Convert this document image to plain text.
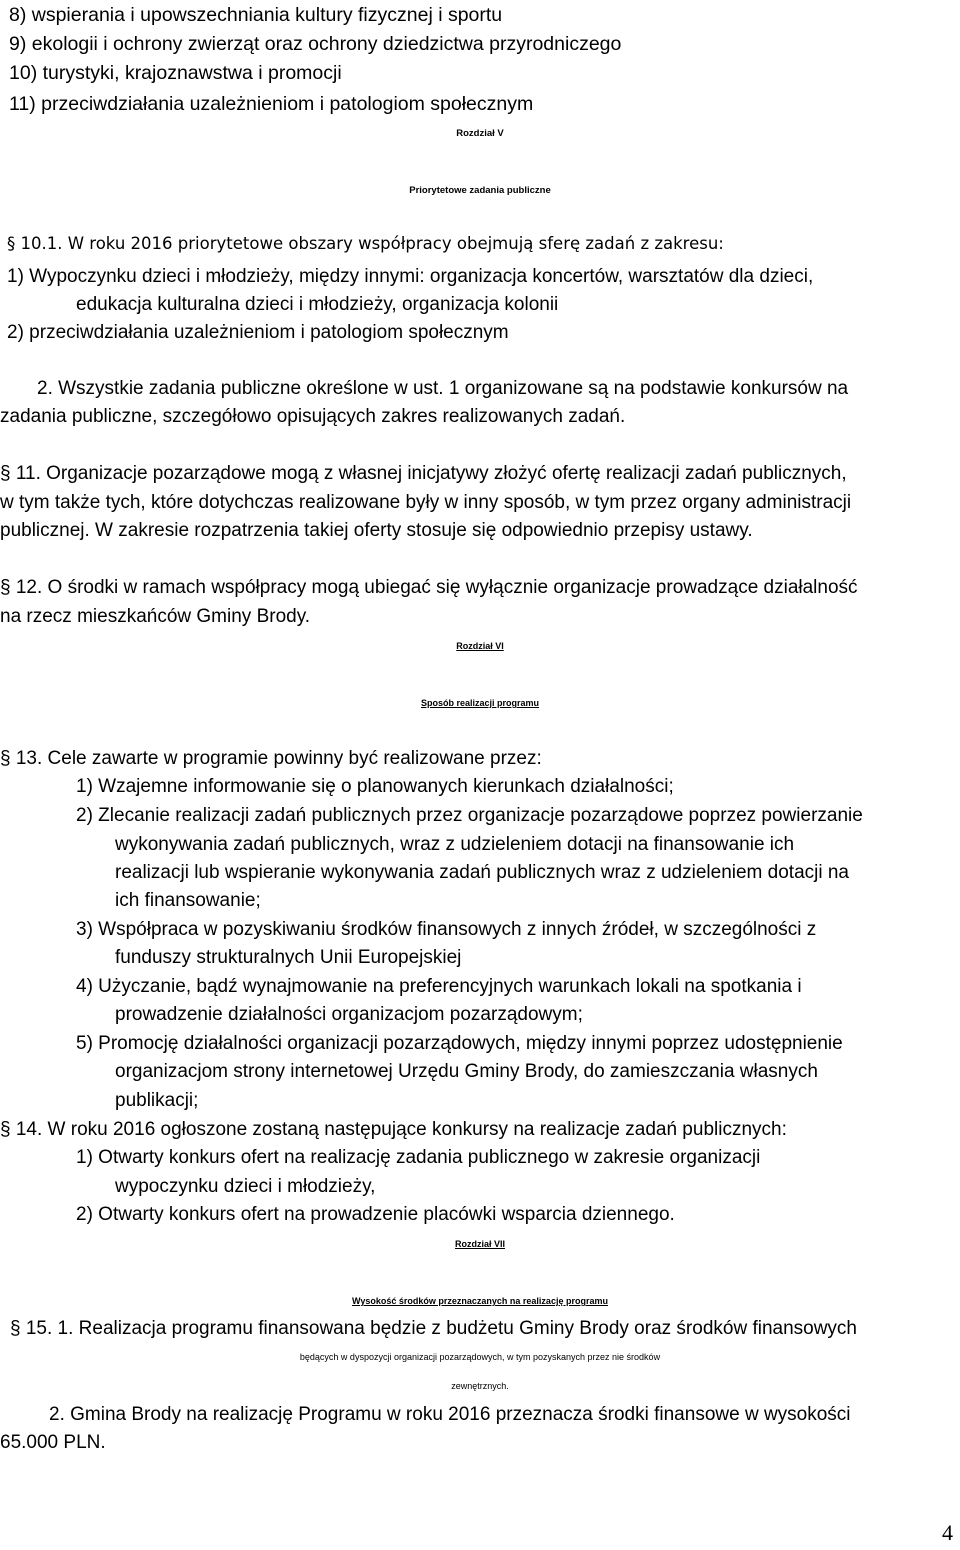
8) wspierania i upowszechniania kultury fizycznej i sportu
9) ekologii i ochrony zwierząt oraz ochrony dziedzictwa przyrodniczego
10) turystyki, krajoznawstwa i promocji
11) przeciwdziałania uzależnieniom i patologiom społecznym
Rozdział V
Priorytetowe zadania publiczne
§ 10.1. W roku 2016 priorytetowe obszary współpracy obejmują sferę zadań z zakresu:
1) Wypoczynku dzieci i młodzieży, między innymi: organizacja koncertów, warsztatów dla dzieci,
edukacja kulturalna dzieci i młodzieży, organizacja kolonii
2) przeciwdziałania uzależnieniom i patologiom społecznym
2. Wszystkie zadania publiczne określone w ust. 1 organizowane są na podstawie konkursów na
zadania publiczne, szczegółowo opisujących zakres realizowanych zadań.
§ 11. Organizacje pozarządowe mogą z własnej inicjatywy złożyć ofertę realizacji zadań publicznych,
w tym także tych, które dotychczas realizowane były w inny sposób, w tym przez organy administracji
publicznej. W zakresie rozpatrzenia takiej oferty stosuje się odpowiednio przepisy ustawy.
§ 12. O środki w ramach współpracy mogą ubiegać się wyłącznie organizacje prowadzące działalność
na rzecz mieszkańców Gminy Brody.
Rozdział VI
Sposób realizacji programu
§ 13. Cele zawarte w programie powinny być realizowane przez:
1) Wzajemne informowanie się o planowanych kierunkach działalności;
2) Zlecanie realizacji zadań publicznych przez organizacje pozarządowe poprzez powierzanie
wykonywania zadań publicznych, wraz z udzieleniem dotacji na finansowanie ich
realizacji lub wspieranie wykonywania zadań publicznych wraz z udzieleniem dotacji na
ich finansowanie;
3) Współpraca w pozyskiwaniu środków finansowych z innych źródeł, w szczególności z
funduszy strukturalnych Unii Europejskiej
4) Użyczanie, bądź wynajmowanie na preferencyjnych warunkach lokali na spotkania i
prowadzenie działalności organizacjom pozarządowym;
5) Promocję działalności organizacji pozarządowych, między innymi poprzez udostępnienie
organizacjom strony internetowej Urzędu Gminy Brody, do zamieszczania własnych
publikacji;
§ 14. W roku 2016 ogłoszone zostaną następujące konkursy na realizacje zadań publicznych:
1) Otwarty konkurs ofert na realizację zadania publicznego w zakresie organizacji
wypoczynku dzieci i młodzieży,
2) Otwarty konkurs ofert na prowadzenie placówki wsparcia dziennego.
Rozdział VII
Wysokość środków przeznaczanych na realizację programu
§ 15. 1. Realizacja programu finansowana będzie z budżetu Gminy Brody oraz środków finansowych
będących w dyspozycji organizacji pozarządowych, w tym pozyskanych przez nie środków
zewnętrznych.
2. Gmina Brody na realizację Programu w roku 2016 przeznacza środki finansowe w wysokości
65.000 PLN.
4
